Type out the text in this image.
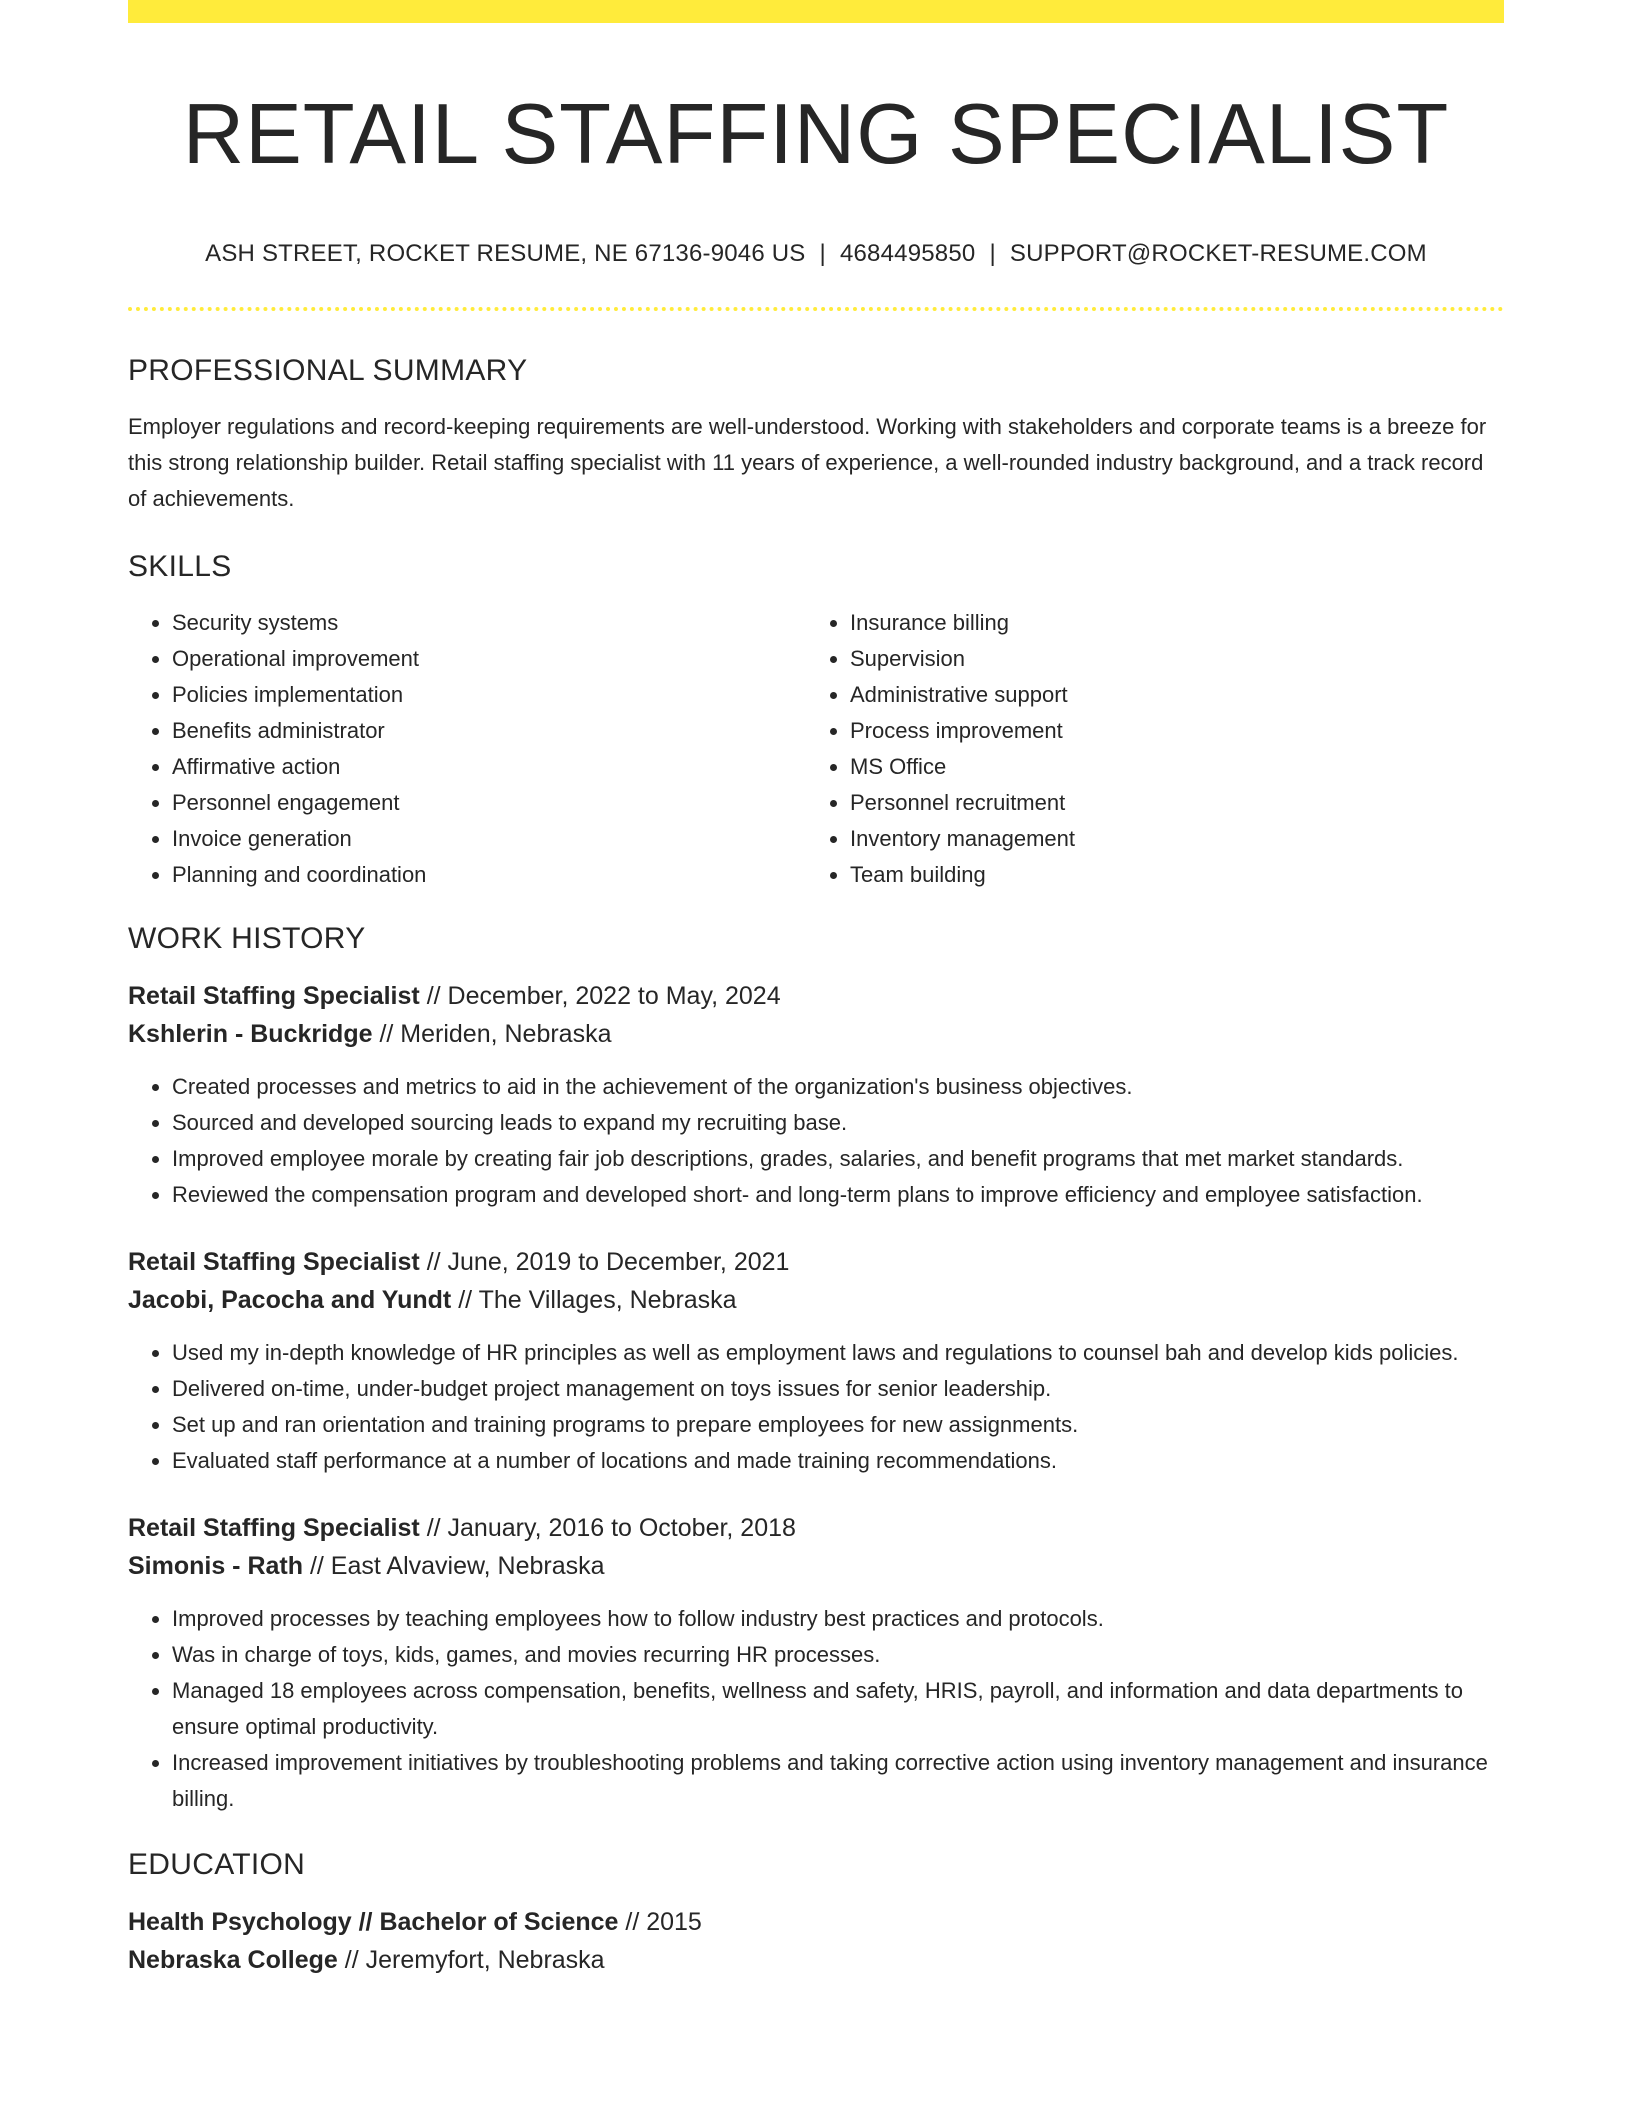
RETAIL STAFFING SPECIALIST
ASH STREET, ROCKET RESUME, NE 67136-9046 US | 4684495850 | SUPPORT@ROCKET-RESUME.COM
PROFESSIONAL SUMMARY

Employer regulations and record-keeping requirements are well-understood. Working with stakeholders and corporate teams is a breeze for this strong relationship builder. Retail staffing specialist with 11 years of experience, a well-rounded industry background, and a track record of achievements.

SKILLS
• Security systems
• Operational improvement
• Policies implementation
• Benefits administrator
• Affirmative action
• Personnel engagement
• Invoice generation
• Planning and coordination
• Insurance billing
• Supervision
• Administrative support
• Process improvement
• MS Office
• Personnel recruitment
• Inventory management
• Team building
WORK HISTORY
Retail Staffing Specialist // December, 2022 to May, 2024
Kshlerin - Buckridge // Meriden, Nebraska
• Created processes and metrics to aid in the achievement of the organization's business objectives.
• Sourced and developed sourcing leads to expand my recruiting base.
• Improved employee morale by creating fair job descriptions, grades, salaries, and benefit programs that met market standards.
• Reviewed the compensation program and developed short- and long-term plans to improve efficiency and employee satisfaction.
Retail Staffing Specialist // June, 2019 to December, 2021
Jacobi, Pacocha and Yundt // The Villages, Nebraska
• Used my in-depth knowledge of HR principles as well as employment laws and regulations to counsel bah and develop kids policies.
• Delivered on-time, under-budget project management on toys issues for senior leadership.
• Set up and ran orientation and training programs to prepare employees for new assignments.
• Evaluated staff performance at a number of locations and made training recommendations.
Retail Staffing Specialist // January, 2016 to October, 2018
Simonis - Rath // East Alvaview, Nebraska
• Improved processes by teaching employees how to follow industry best practices and protocols.
• Was in charge of toys, kids, games, and movies recurring HR processes.
• Managed 18 employees across compensation, benefits, wellness and safety, HRIS, payroll, and information and data departments to ensure optimal productivity.
• Increased improvement initiatives by troubleshooting problems and taking corrective action using inventory management and insurance billing.
EDUCATION
Health Psychology // Bachelor of Science // 2015
Nebraska College // Jeremyfort, Nebraska
